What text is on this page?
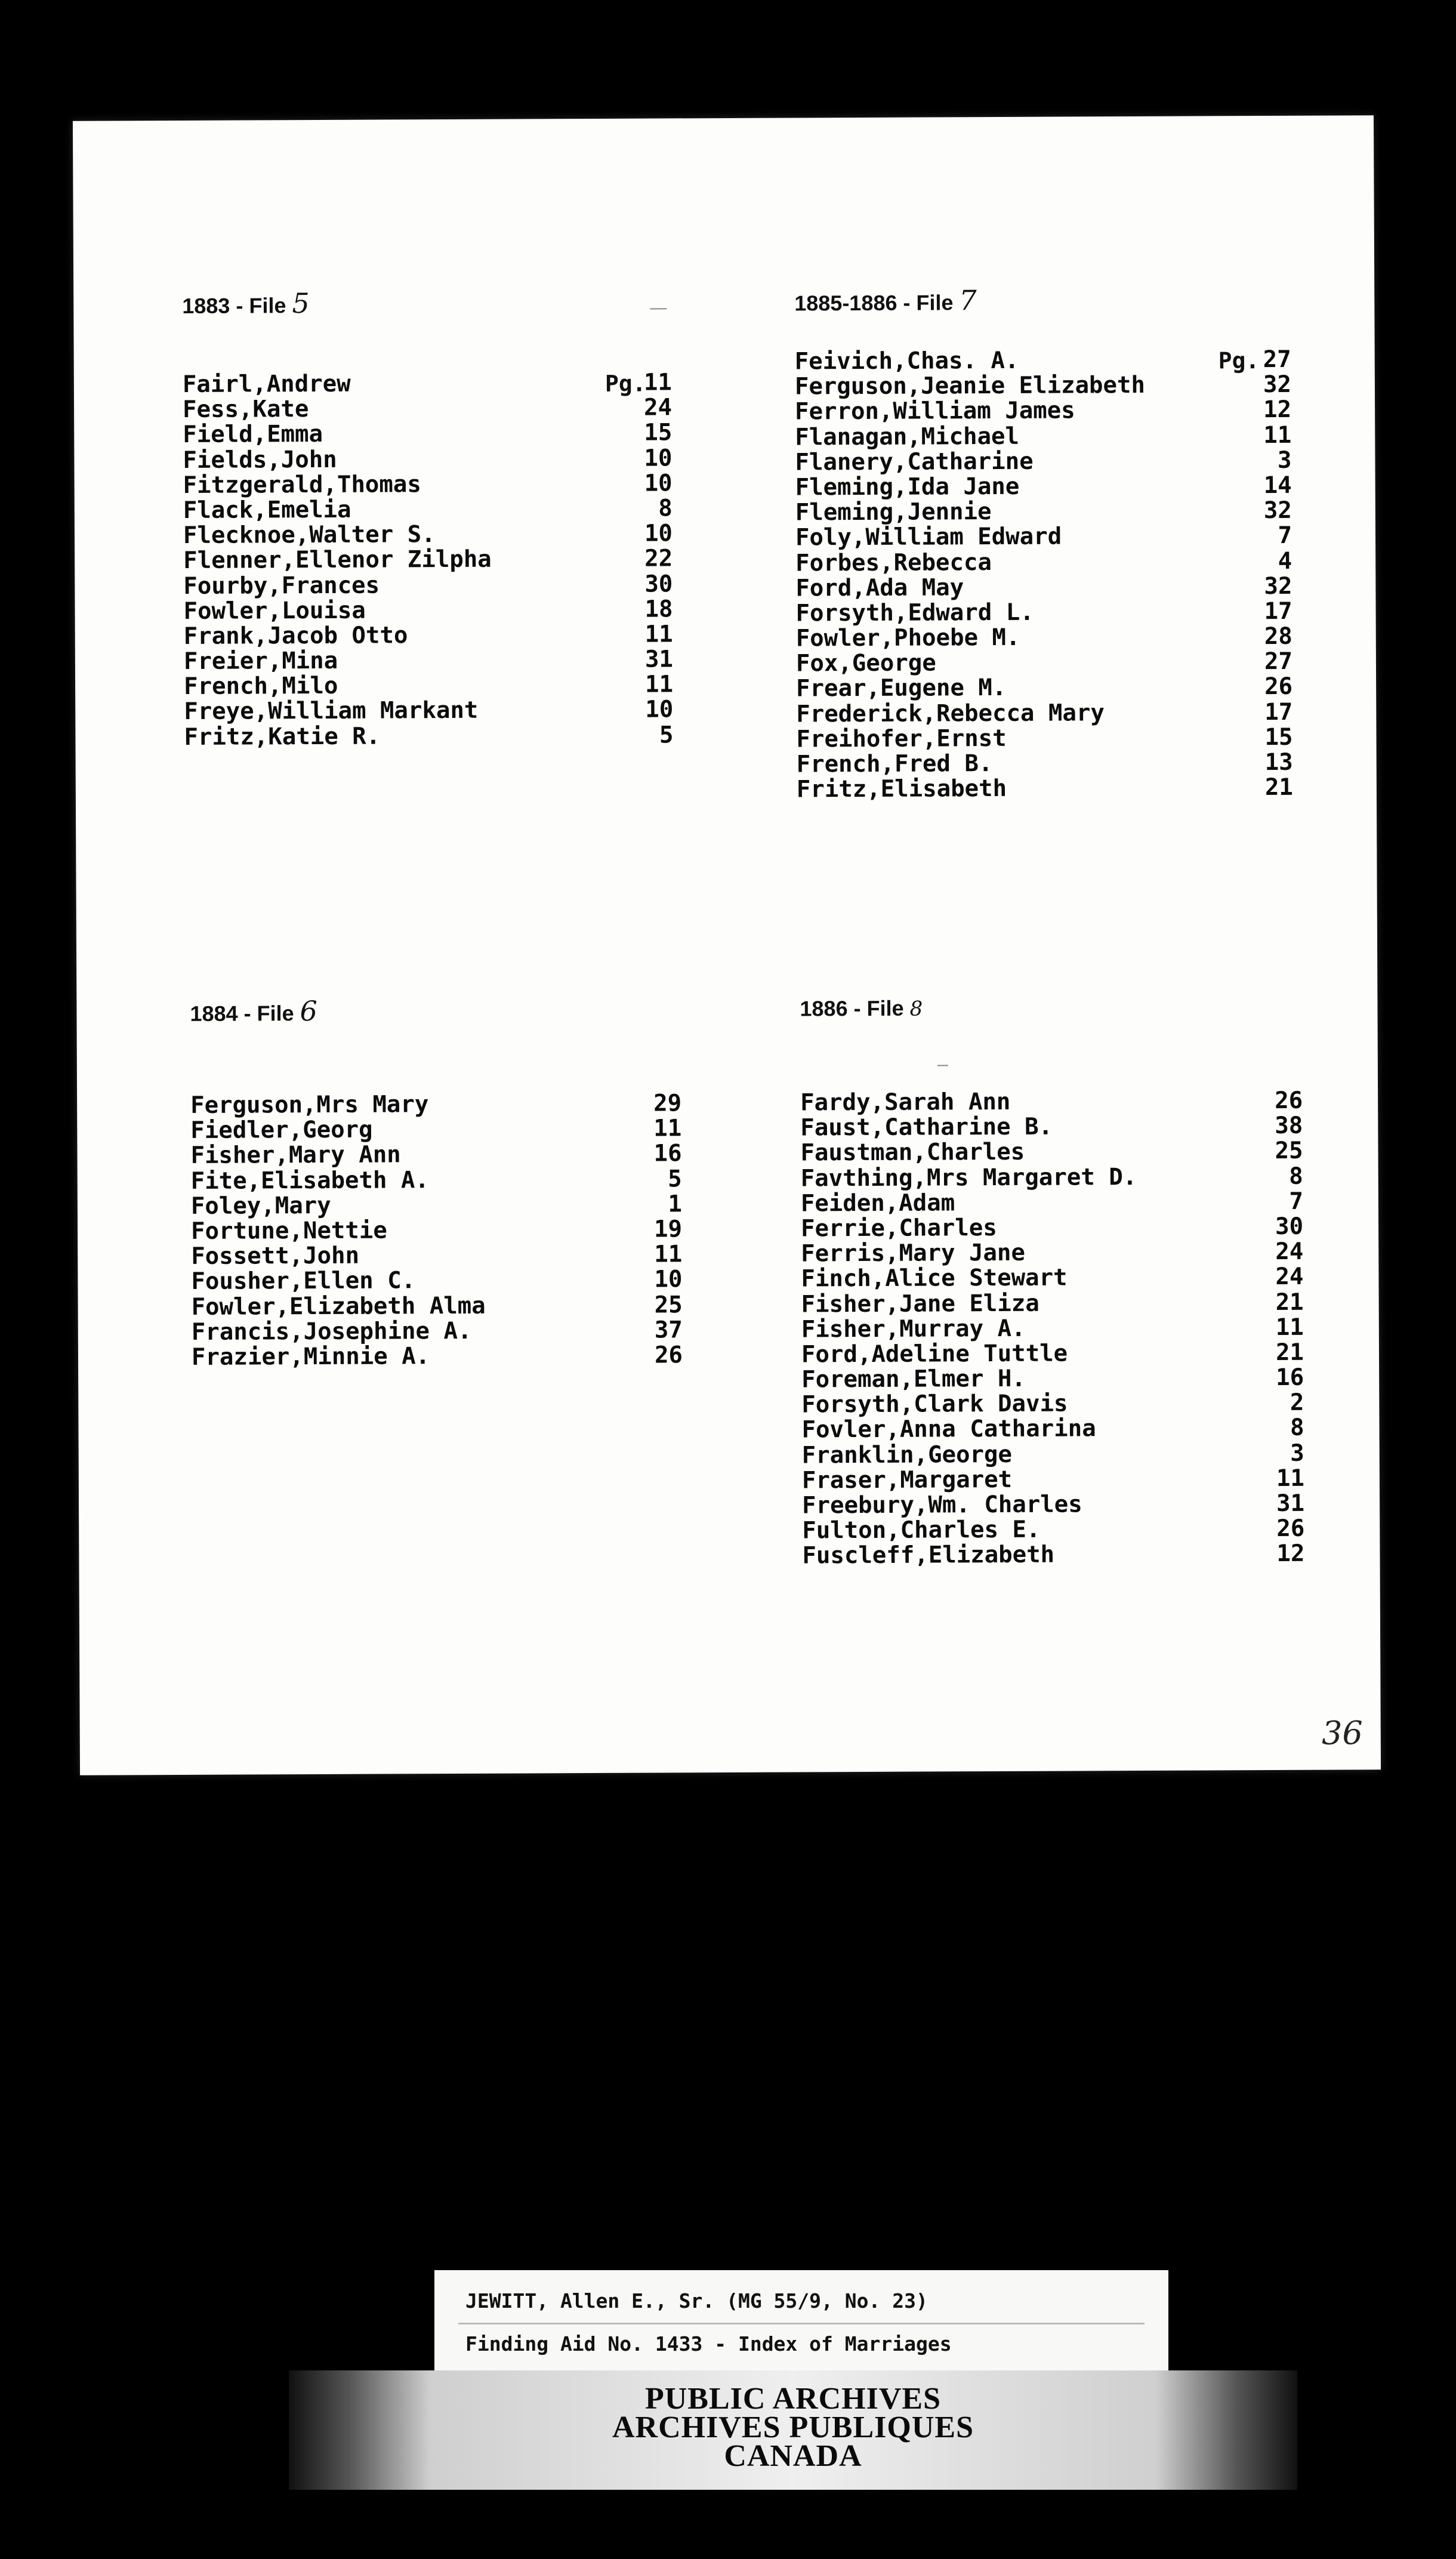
1883 - File 5
Pg.
Fairl,Andrew	11
Fess,Kate	24
Field,Emma	15
Fields,John	10
Fitzgerald,Thomas	10
Flack,Emelia	8
Flecknoe,Walter S.	10
Flenner,Ellenor Zilpha	22
Fourby,Frances	30
Fowler,Louisa	18
Frank,Jacob Otto	11
Freier,Mina	31
French,Milo	11
Freye,William Markant	10
Fritz,Katie R.	5
1885-1886 - File 7
Pg.
Feivich,Chas. A.	27
Ferguson,Jeanie Elizabeth	32
Ferron,William James	12
Flanagan,Michael	11
Flanery,Catharine	3
Fleming,Ida Jane	14
Fleming,Jennie	32
Foly,William Edward	7
Forbes,Rebecca	4
Ford,Ada May	32
Forsyth,Edward L.	17
Fowler,Phoebe M.	28
Fox,George	27
Frear,Eugene M.	26
Frederick,Rebecca Mary	17
Freihofer,Ernst	15
French,Fred B.	13
Fritz,Elisabeth	21
1884 - File 6
Ferguson,Mrs Mary	29
Fiedler,Georg	11
Fisher,Mary Ann	16
Fite,Elisabeth A.	5
Foley,Mary	1
Fortune,Nettie	19
Fossett,John	11
Fousher,Ellen C.	10
Fowler,Elizabeth Alma	25
Francis,Josephine A.	37
Frazier,Minnie A.	26
1886 - File 8
Fardy,Sarah Ann	26
Faust,Catharine B.	38
Faustman,Charles	25
Favthing,Mrs Margaret D.	8
Feiden,Adam	7
Ferrie,Charles	30
Ferris,Mary Jane	24
Finch,Alice Stewart	24
Fisher,Jane Eliza	21
Fisher,Murray A.	11
Ford,Adeline Tuttle	21
Foreman,Elmer H.	16
Forsyth,Clark Davis	2
Fovler,Anna Catharina	8
Franklin,George	3
Fraser,Margaret	11
Freebury,Wm. Charles	31
Fulton,Charles E.	26
Fuscleff,Elizabeth	12
36
JEWITT, Allen E., Sr. (MG 55/9, No. 23)
Finding Aid No. 1433 - Index of Marriages
PUBLIC ARCHIVES
ARCHIVES PUBLIQUES
CANADA
